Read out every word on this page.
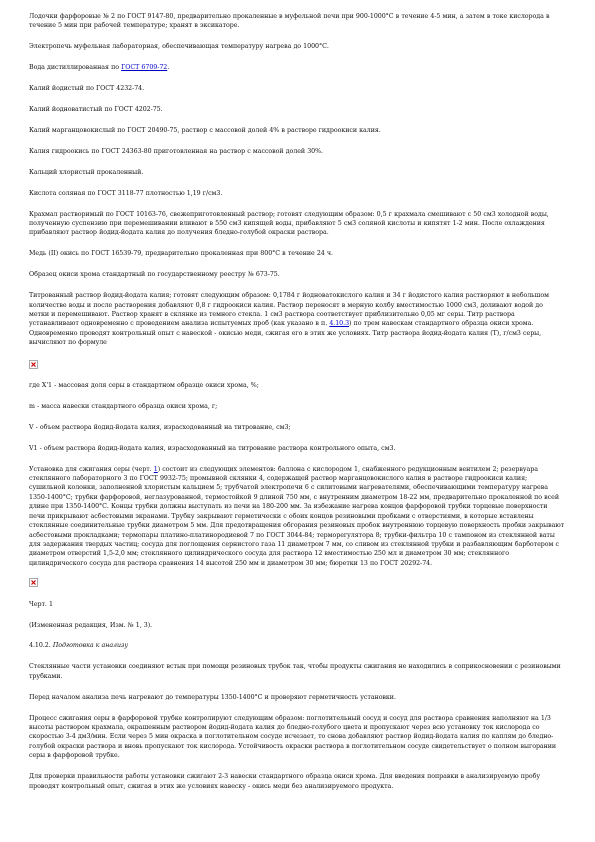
Лодочки фарфоровые № 2 по ГОСТ 9147-80, предварительно прокаленные в муфельной печи при 900-1000°С в течение 4-5 мин, а затем в токе кислорода в течение 5 мин при рабочей температуре; хранят в эксикаторе.

Электропечь муфельная лабораторная, обеспечивающая температуру нагрева до 1000°С.

Вода дистиллированная по ГОСТ 6709-72.

Калий йодистый по ГОСТ 4232-74.

Калий йодноватистый по ГОСТ 4202-75.

Калий марганцовокислый по ГОСТ 20490-75, раствор с массовой долей 4% в растворе гидроокиси калия.

Калия гидроокись по ГОСТ 24363-80 приготовленная на раствор с массовой долей 30%.

Кальций хлористый прокаленный.

Кислота соляная по ГОСТ 3118-77 плотностью 1,19 г/см3.

Крахмал растворимый по ГОСТ 10163-76, свежеприготовленный раствор; готовят следующим образом: 0,5 г крахмала смешивают с 50 см3 холодной воды, полученную суспензию при перемешивании вливают в 550 см3 кипящей воды, прибавляют 5 см3 соляной кислоты и кипятят 1-2 мин. После охлаждения прибавляют раствор йодид-йодата калия до получения бледно-голубой окраски раствора.

Медь (II) окись по ГОСТ 16539-79, предварительно прокаленная при 800°С в течение 24 ч.

Образец окиси хрома стандартный по государственному реестру № 673-75.

Титрованный раствор йодид-йодата калия; готовят следующим образом: 0,1784 г йодноватокислого калия и 34 г йодистого калия растворяют в небольшом количестве воды и после растворения добавляют 0,8 г гидроокиси калия. Раствор переносят в мерную колбу вместимостью 1000 см3, доливают водой до метки и перемешивают. Раствор хранят в склянке из темного стекла. 1 см3 раствора соответствует приблизительно 0,05 мг серы. Титр раствора устанавливают одновременно с проведением анализа испытуемых проб (как указано в п. 4.10.3) по трем навескам стандартного образца окиси хрома. Одновременно проводят контрольный опыт с навеской - окисью меди, сжигая его в этих же условиях. Титр раствора йодид-йодата калия (Т), г/см3 серы, вычисляют по формуле

где Х'1 - массовая доля серы в стандартном образце окиси хрома, %;

m - масса навески стандартного образца окиси хрома, г;

V - объем раствора йодид-йодата калия, израсходованный на титрование, см3;

V1 - объем раствора йодид-йодата калия, израсходованный на титрование раствора контрольного опыта, см3.

Установка для сжигания серы (черт. 1) состоит из следующих элементов: баллона с кислородом 1, снабженного редукционным вентилем 2; резервуара стеклянного лабораторного 3 по ГОСТ 9932-75; промывной склянки 4, содержащей раствор марганцовокислого калия в растворе гидроокиси калия; сушильной колонки, заполненной хлористым кальцием 5; трубчатой электропечи 6 с силитовыми нагревателями, обеспечивающими температуру нагрева 1350-1400°С; трубки фарфоровой, неглазурованной, термостойкой 9 длиной 750 мм, с внутренним диаметром 18-22 мм, предварительно прокаленной по всей длине при 1350-1400°С. Концы трубки должны выступать из печи на 180-200 мм. За избежание нагрева концов фарфоровой трубки торцевые поверхности печи прикрывают асбестовыми экранами. Трубку закрывают герметически с обоих концов резиновыми пробками с отверстиями, в которые вставлены стеклянные соединительные трубки диаметром 5 мм. Для предотвращения обгорания резиновых пробок внутреннюю торцевую поверхность пробки закрывают асбестовыми прокладками; термопары платино-платинородиевой 7 по ГОСТ 3044-84; терморегулятора 8; трубки-фильтра 10 с тампоном из стеклянной ваты для задержания твердых частиц; сосуда для поглощения сернистого газа 11 диаметром 7 мм, со сливом из стеклянной трубки и разбавляющим барботером с диаметром отверстий 1,5-2,0 мм; стеклянного цилиндрического сосуда для раствора 12 вместимостью 250 мл и диаметром 30 мм; стеклянного цилиндрического сосуда для раствора сравнения 14 высотой 250 мм и диаметром 30 мм; бюретки 13 по ГОСТ 20292-74.

Черт. 1

(Измененная редакция, Изм. № 1, 3).

4.10.2. Подготовка к анализу

Стеклянные части установки соединяют встык при помощи резиновых трубок так, чтобы продукты сжигания не находились в соприкосновении с резиновыми трубками.

Перед началом анализа печь нагревают до температуры 1350-1400°С и проверяют герметичность установки.

Процесс сжигания серы в фарфоровой трубке контролируют следующим образом: поглотительный сосуд и сосуд для раствора сравнения наполняют на 1/3 высоты раствором крахмала, окрашенным раствором йодид-йодата калия до бледно-голубого цвета и пропускают через всю установку ток кислорода со скоростью 3-4 дм3/мин. Если через 5 мин окраска в поглотительном сосуде исчезает, то снова добавляют раствор йодид-йодата калия по каплям до бледно-голубой окраски раствора и вновь пропускают ток кислорода. Устойчивость окраски раствора в поглотительном сосуде свидетельствует о полном выгорании серы в фарфоровой трубке.

Для проверки правильности работы установки сжигают 2-3 навески стандартного образца окиси хрома. Для введения поправки в анализируемую пробу проводят контрольный опыт, сжигая в этих же условиях навеску - окись меди без анализируемого продукта.
